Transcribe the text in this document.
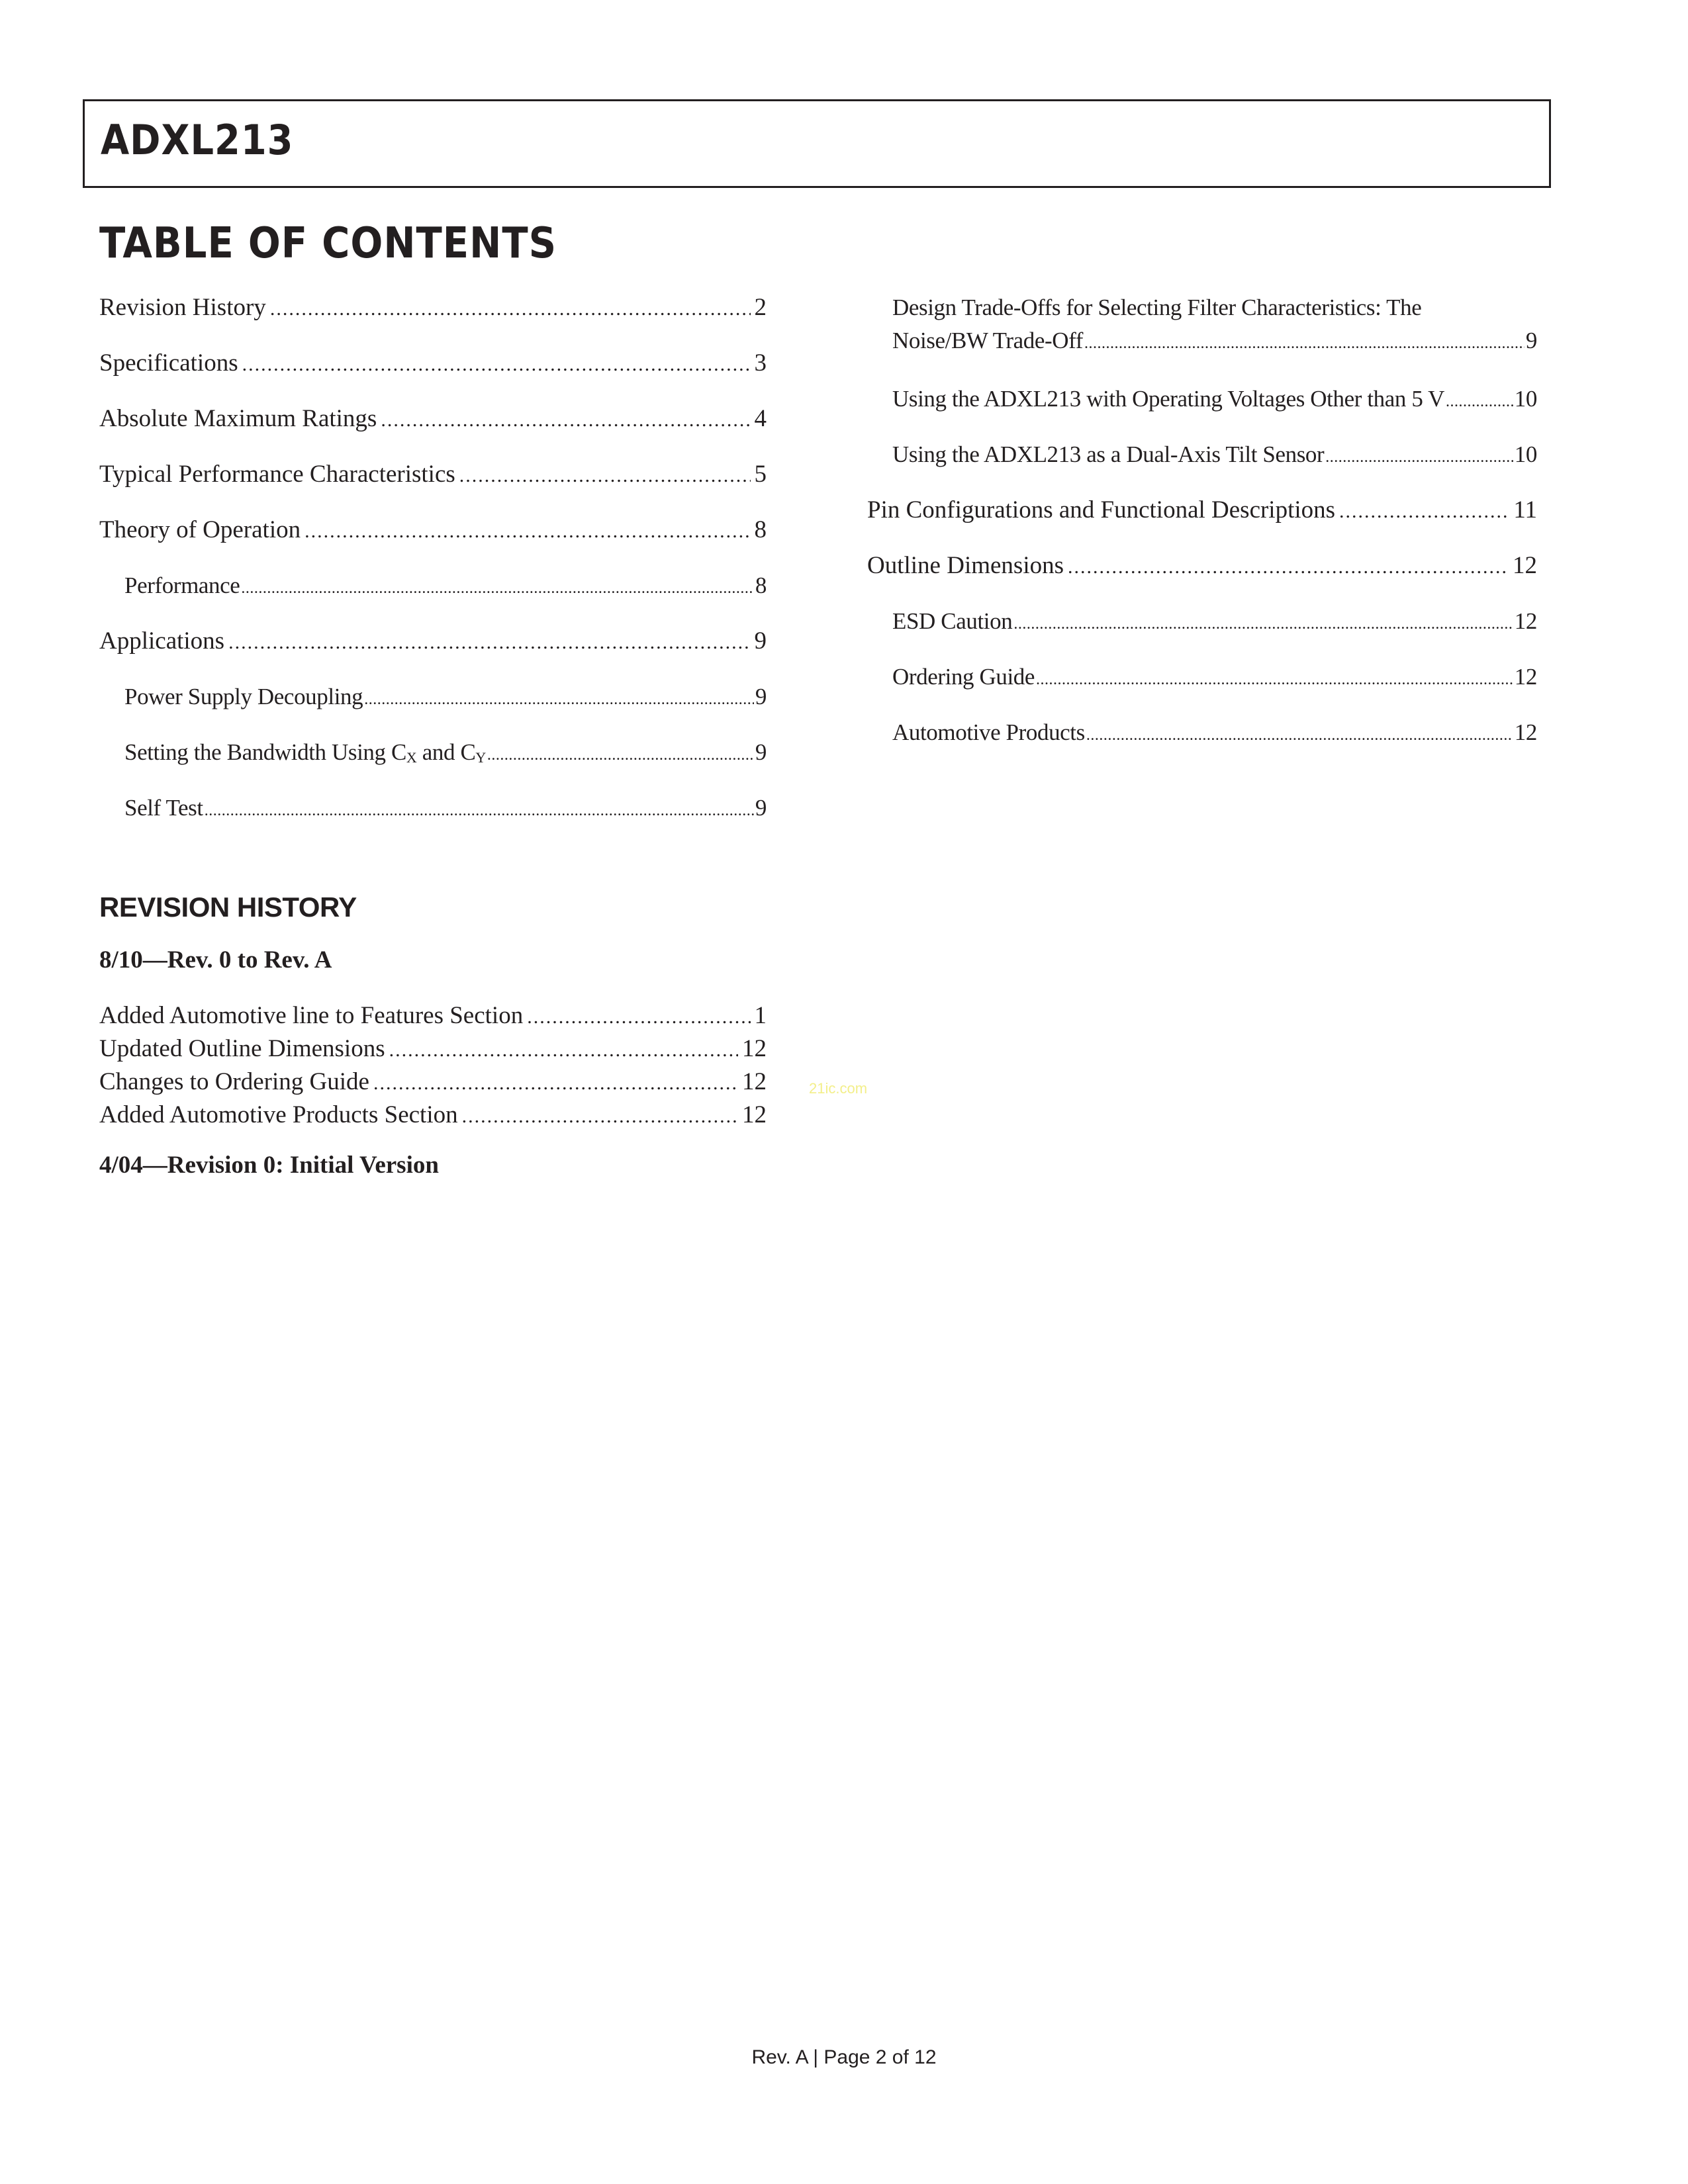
ADXL213
TABLE OF CONTENTS
Revision History .....	2
Specifications .....	3
Absolute Maximum Ratings .....	4
Typical Performance Characteristics .....	5
Theory of Operation .....	8
Performance .....	8
Applications .....	9
Power Supply Decoupling .....	9
Setting the Bandwidth Using CX and CY .....	9
Self Test .....	9
Design Trade-Offs for Selecting Filter Characteristics: The
Noise/BW Trade-Off .....	9
Using the ADXL213 with Operating Voltages Other than 5 V .....	10
Using the ADXL213 as a Dual-Axis Tilt Sensor .....	10
Pin Configurations and Functional Descriptions .....	11
Outline Dimensions .....	12
ESD Caution .....	12
Ordering Guide .....	12
Automotive Products .....	12
REVISION HISTORY
8/10—Rev. 0 to Rev. A
Added Automotive line to Features Section .....	1
Updated Outline Dimensions .....	12
Changes to Ordering Guide .....	12
Added Automotive Products Section .....	12
4/04—Revision 0: Initial Version
21ic.com
Rev. A | Page 2 of 12
